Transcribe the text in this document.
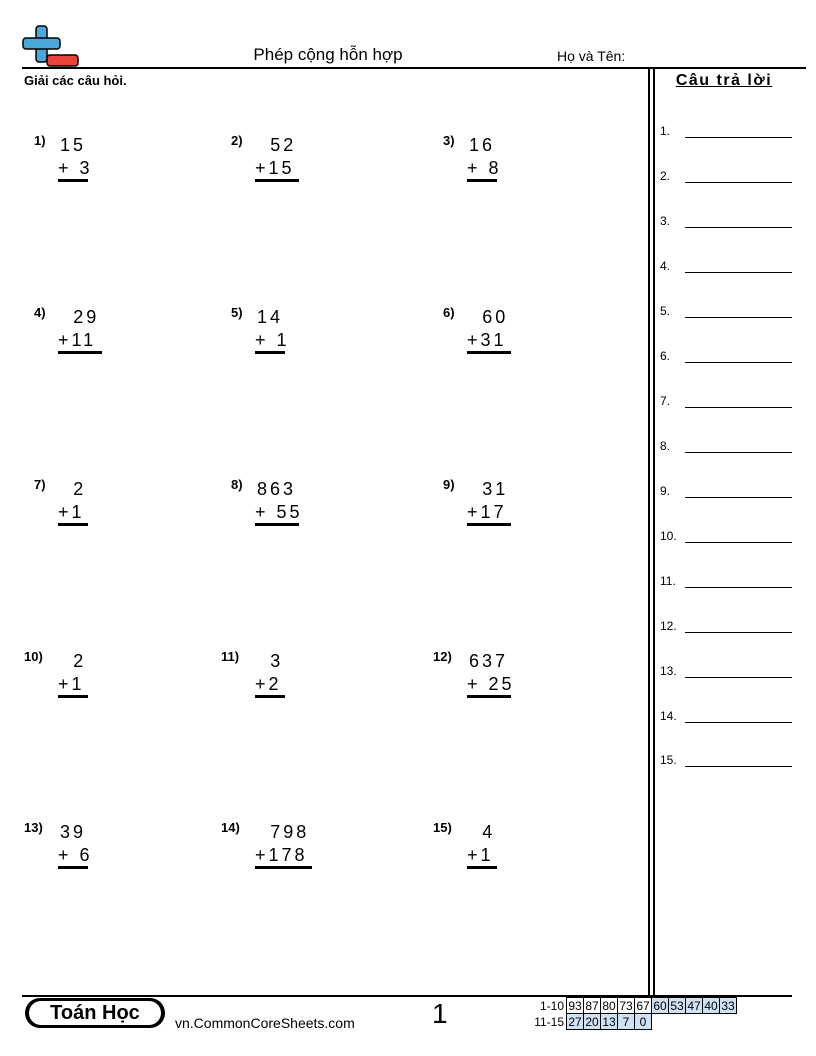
Phép cộng hỗn hợp	Họ và Tên:
Giải các câu hỏi.	Câu trả lời
1.
2.
3.
4.
5.
6.
7.
8.
9.
10.
11.
12.
13.
14.
15.
1) 15
+ 3
2) 52
+15
3) 16
+ 8
4) 29
+11
5) 14
+ 1
6) 60
+31
7) 2
+1
8) 863
+ 55
9) 31
+17
10) 2
+1
11) 3
+2
12) 637
+ 25
13) 39
+ 6
14) 798
+178
15) 4
+1
Toán Học	vn.CommonCoreSheets.com	1	1-10	93	87	80	73	67	60	53	47	40	33
11-15	27	20	13	7	0					
